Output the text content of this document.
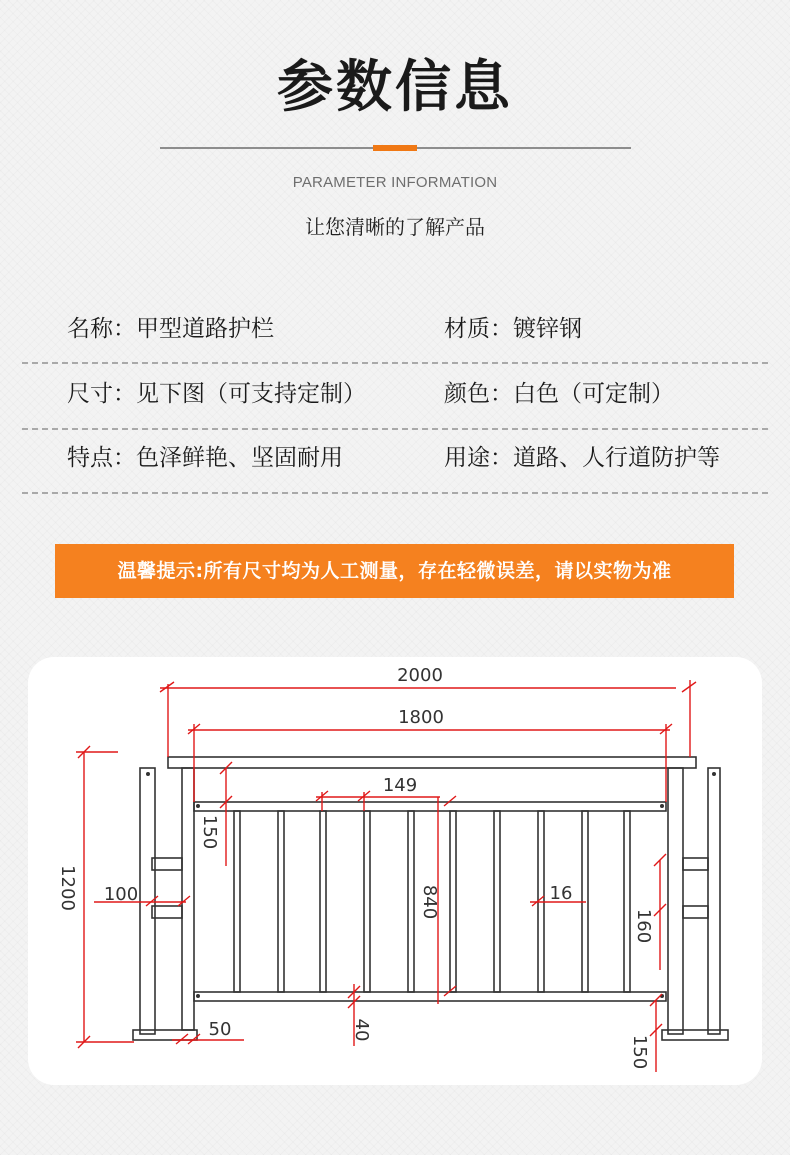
参数信息
PARAMETER INFORMATION
让您清晰的了解产品
名称：甲型道路护栏	材质：镀锌钢
尺寸：见下图（可支持定制）	颜色：白色（可定制）
特点：色泽鲜艳、坚固耐用	用途：道路、人行道防护等
温馨提示:所有尺寸均为人工测量，存在轻微误差，请以实物为准
2000
1800
149
100	16
50
1200
150
840
160
40
150
